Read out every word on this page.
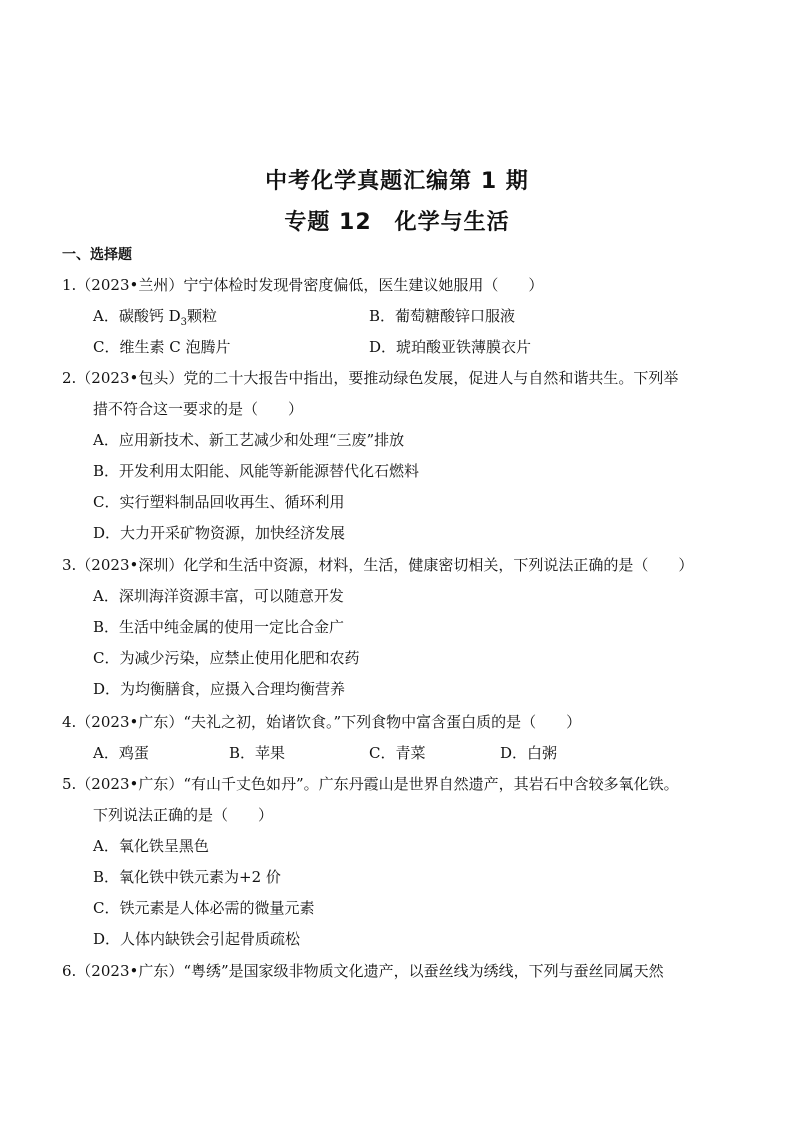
中考化学真题汇编第 1 期
专题 12　化学与生活
一、选择题
1.（2023•兰州）宁宁体检时发现骨密度偏低，医生建议她服用（　　）
A．碳酸钙 $D_3$颗粒	B．葡萄糖酸锌口服液
C．维生素 C 泡腾片	D．琥珀酸亚铁薄膜衣片
2.（2023•包头）党的二十大报告中指出，要推动绿色发展，促进人与自然和谐共生。下列举
措不符合这一要求的是（　　）
A．应用新技术、新工艺减少和处理“三废”排放
B．开发利用太阳能、风能等新能源替代化石燃料
C．实行塑料制品回收再生、循环利用
D．大力开采矿物资源，加快经济发展
3.（2023•深圳）化学和生活中资源，材料，生活，健康密切相关，下列说法正确的是（　　）
A．深圳海洋资源丰富，可以随意开发
B．生活中纯金属的使用一定比合金广
C．为减少污染，应禁止使用化肥和农药
D．为均衡膳食，应摄入合理均衡营养
4.（2023•广东）“夫礼之初，始诸饮食。”下列食物中富含蛋白质的是（　　）
A．鸡蛋	B．苹果	C．青菜	D．白粥
5.（2023•广东）“有山千丈色如丹”。广东丹霞山是世界自然遗产，其岩石中含较多氧化铁。
下列说法正确的是（　　）
A．氧化铁呈黑色
B．氧化铁中铁元素为+2 价
C．铁元素是人体必需的微量元素
D．人体内缺铁会引起骨质疏松
6.（2023•广东）“粤绣”是国家级非物质文化遗产，以蚕丝线为绣线，下列与蚕丝同属天然
